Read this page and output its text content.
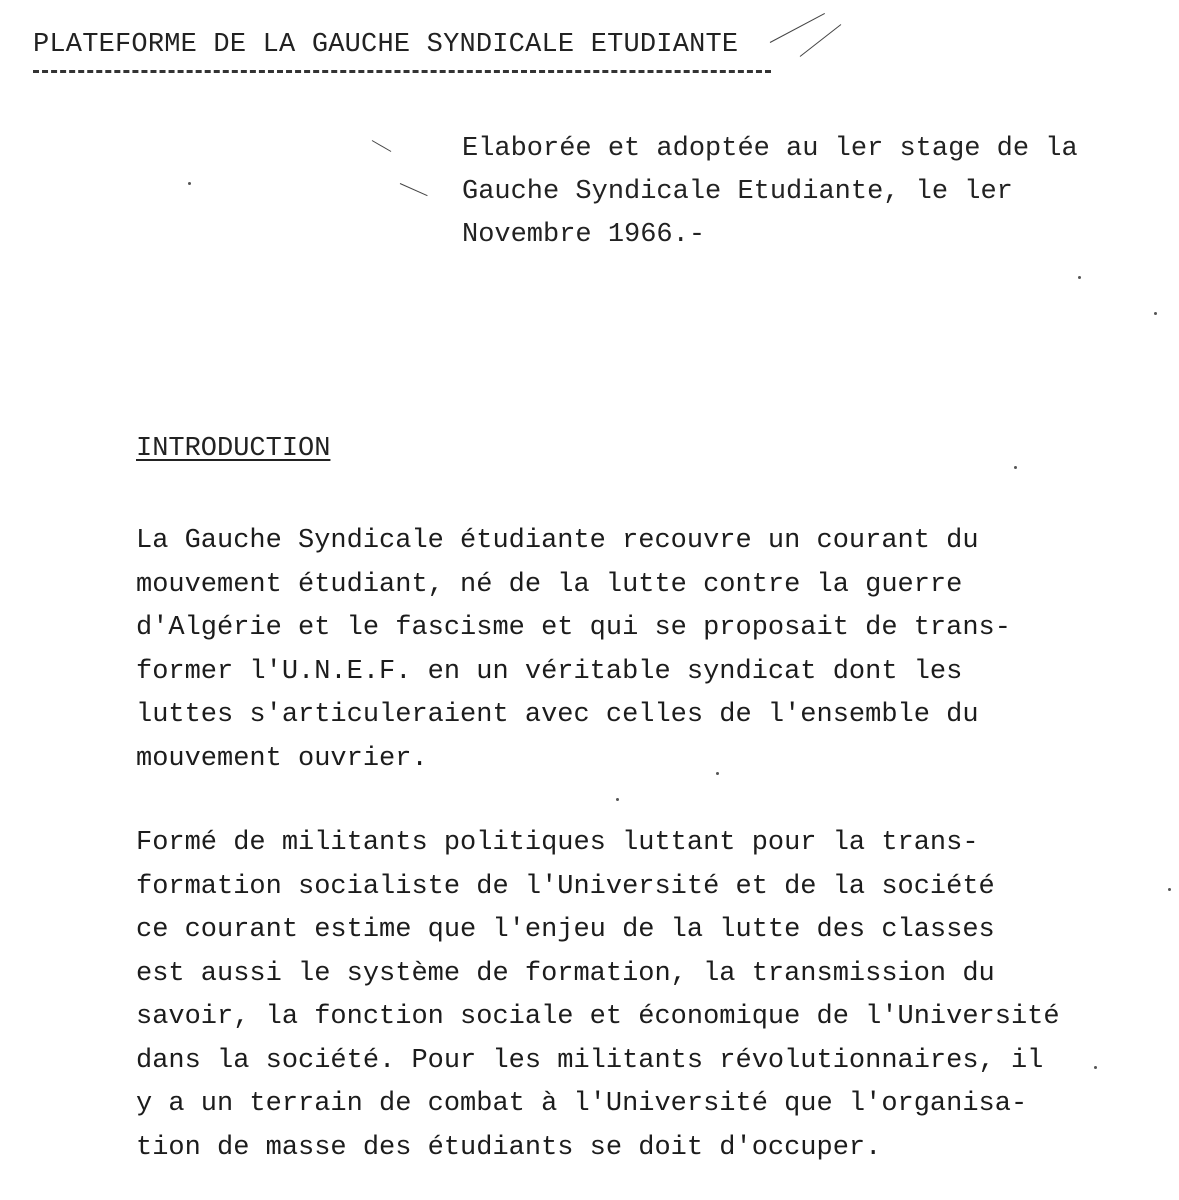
PLATEFORME DE LA GAUCHE SYNDICALE ETUDIANTE
Elaborée et adoptée au ler stage de la
Gauche Syndicale Etudiante, le ler
Novembre 1966.-
INTRODUCTION
La Gauche Syndicale étudiante recouvre un courant du
mouvement étudiant, né de la lutte contre la guerre
d'Algérie et le fascisme et qui se proposait de trans-
former l'U.N.E.F. en un véritable syndicat dont les
luttes s'articuleraient avec celles de l'ensemble du
mouvement ouvrier.
Formé de militants politiques luttant pour la trans-
formation socialiste de l'Université et de la société
ce courant estime que l'enjeu de la lutte des classes
est aussi le système de formation, la transmission du
savoir, la fonction sociale et économique de l'Université
dans la société. Pour les militants révolutionnaires, il
y a un terrain de combat à l'Université que l'organisa-
tion de masse des étudiants se doit d'occuper.
